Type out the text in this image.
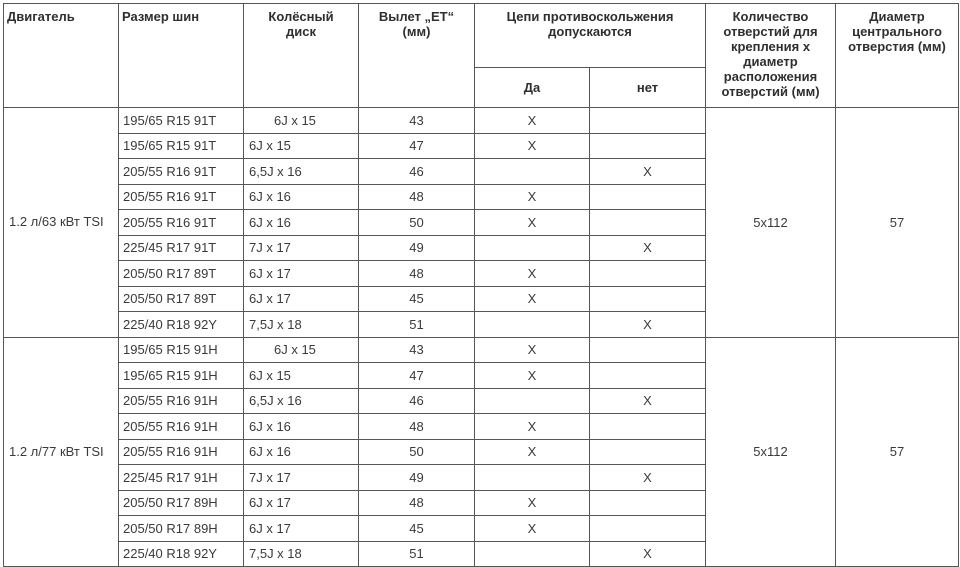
Двигатель	Размер шин	Колёсный диск	Вылет „ET“ (мм)	Цепи противоскольжения допускаются		Количество отверстий для крепления х диаметр расположения отверстий (мм)	Диаметр центрального отверстия (мм)
				Да	нет		

1.2 л/63 кВт TSI	195/65 R15 91T	6J x 15	43	X		5x112	57
	195/65 R15 91T	6J x 15	47	X			
	205/55 R16 91T	6,5J x 16	46		X		
	205/55 R16 91T	6J x 16	48	X			
	205/55 R16 91T	6J x 16	50	X			
	225/45 R17 91T	7J x 17	49		X		
	205/50 R17 89T	6J x 17	48	X			
	205/50 R17 89T	6J x 17	45	X			
	225/40 R18 92Y	7,5J x 18	51		X		

1.2 л/77 кВт TSI	195/65 R15 91H	6J x 15	43	X		5x112	57
	195/65 R15 91H	6J x 15	47	X			
	205/55 R16 91H	6,5J x 16	46		X		
	205/55 R16 91H	6J x 16	48	X			
	205/55 R16 91H	6J x 16	50	X			
	225/45 R17 91H	7J x 17	49		X		
	205/50 R17 89H	6J x 17	48	X			
	205/50 R17 89H	6J x 17	45	X			
	225/40 R18 92Y	7,5J x 18	51		X		
